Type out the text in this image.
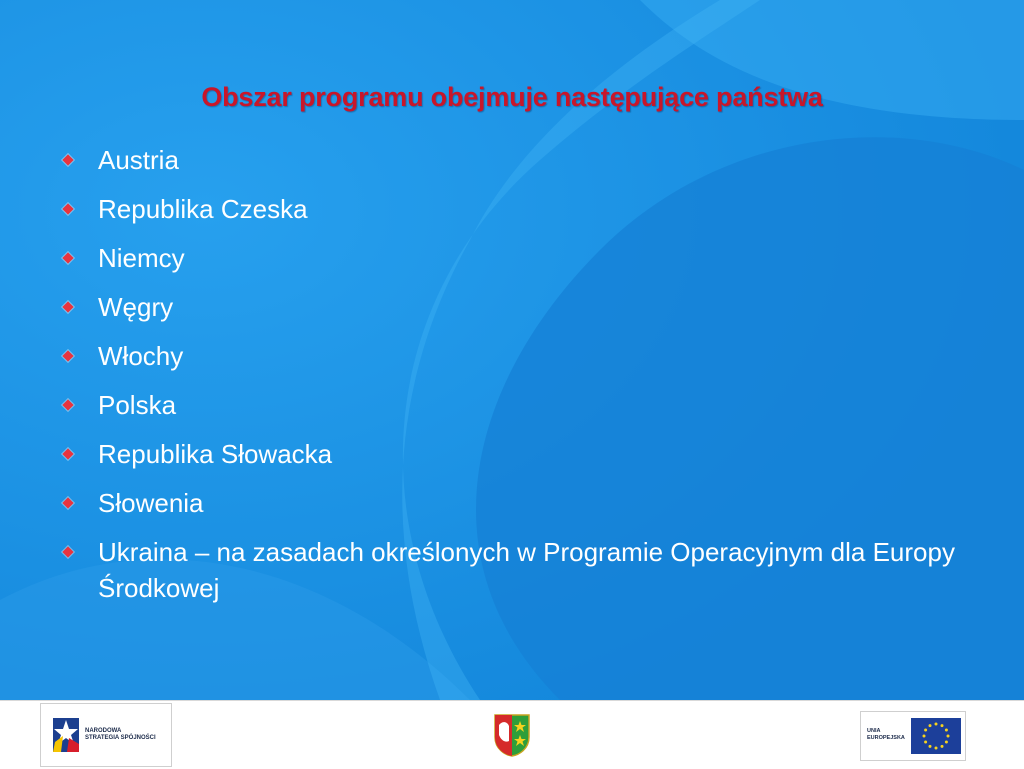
Obszar programu obejmuje następujące państwa
Austria
Republika Czeska
Niemcy
Węgry
Włochy
Polska
Republika Słowacka
Słowenia
Ukraina – na zasadach określonych w Programie Operacyjnym dla Europy Środkowej
NARODOWA
STRATEGIA SPÓJNOŚCI
UNIA
EUROPEJSKA
